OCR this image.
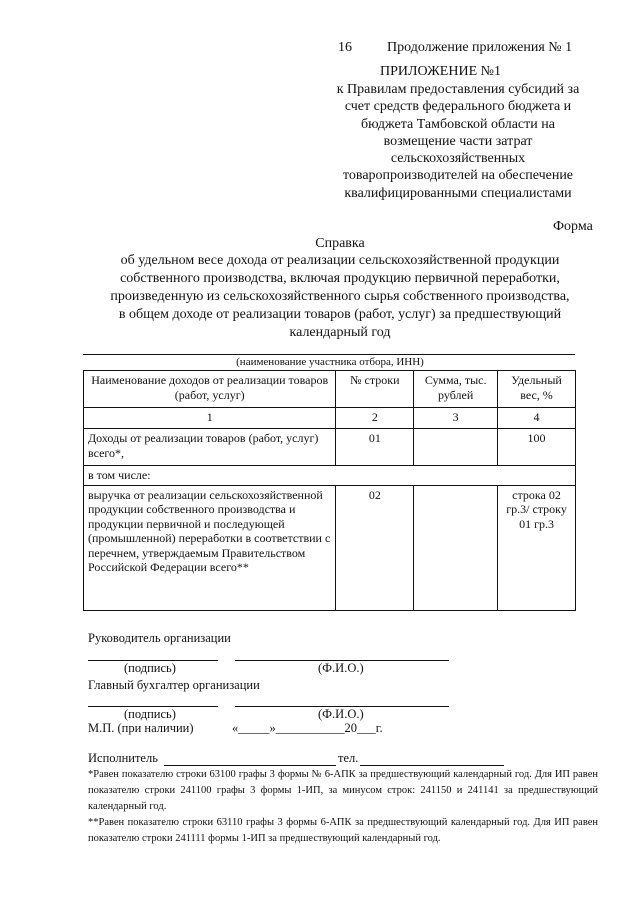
16	Продолжение приложения № 1
ПРИЛОЖЕНИЕ №1
к Правилам предоставления субсидий за
счет средств федерального бюджета и
бюджета Тамбовской области на
возмещение части затрат
сельскохозяйственных
товаропроизводителей на обеспечение
квалифицированными специалистами
Форма
Справка
об удельном весе дохода от реализации сельскохозяйственной продукции
собственного производства, включая продукцию первичной переработки,
произведенную из сельскохозяйственного сырья собственного производства,
в общем доходе от реализации товаров (работ, услуг) за предшествующий
календарный год
(наименование участника отбора, ИНН)
Наименование доходов от реализации товаров (работ, услуг)	№ строки	Сумма, тыс. рублей	Удельный вес, %
1	2	3	4
Доходы от реализации товаров (работ, услуг) всего*,	01		100
в том числе:			
выручка от реализации сельскохозяйственной продукции собственного производства и продукции первичной и последующей (промышленной) переработки в соответствии с перечнем, утверждаемым Правительством Российской Федерации всего**	02		строка 02 гр.3/ строку 01 гр.3
Руководитель организации
(подпись)	(Ф.И.О.)
Главный бухгалтер организации
(подпись)	(Ф.И.О.)
М.П. (при наличии)	«_____»___________20___г.
Исполнитель	тел.
*Равен показателю строки 63100 графы 3 формы № 6-АПК за предшествующий календарный год. Для ИП равен показателю строки 241100 графы 3 формы 1-ИП, за минусом строк: 241150 и 241141 за предшествующий календарный год.
**Равен показателю строки 63110 графы 3 формы 6-АПК за предшествующий календарный год. Для ИП равен показателю строки 241111 формы 1-ИП за предшествующий календарный год.
